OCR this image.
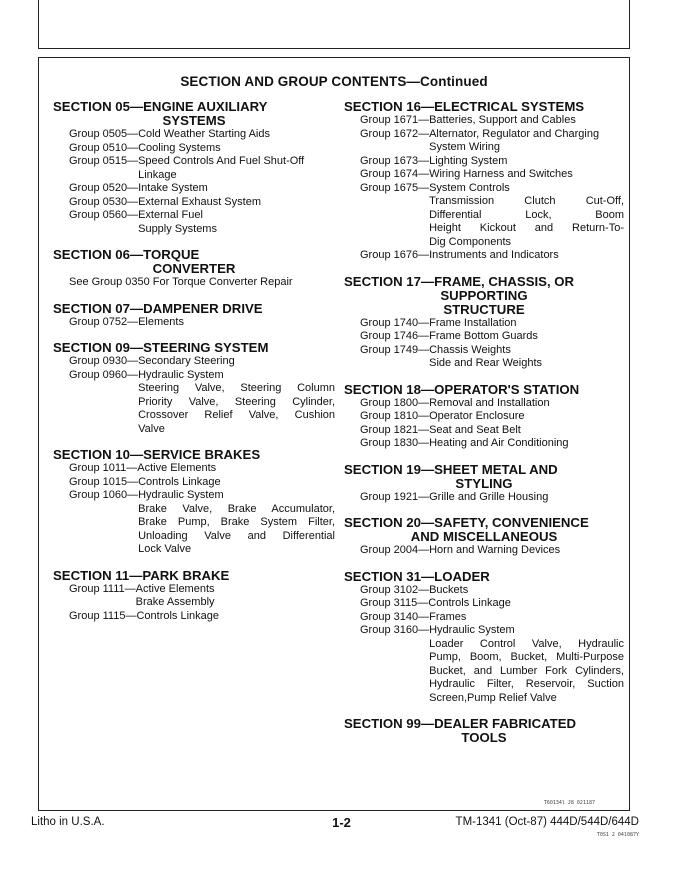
SECTION AND GROUP CONTENTS—Continued
SECTION 05—ENGINE AUXILIARY
SYSTEMS
Group 0505—Cold Weather Starting Aids
Group 0510—Cooling Systems
Group 0515—Speed Controls And Fuel Shut-Off
Linkage
Group 0520—Intake System
Group 0530—External Exhaust System
Group 0560—External Fuel
Supply Systems
SECTION 06—TORQUE
CONVERTER
See Group 0350 For Torque Converter Repair
SECTION 07—DAMPENER DRIVE
Group 0752—Elements
SECTION 09—STEERING SYSTEM
Group 0930—Secondary Steering
Group 0960—Hydraulic System
Steering Valve, Steering Column
Priority Valve, Steering Cylinder,
Crossover Relief Valve, Cushion
Valve
SECTION 10—SERVICE BRAKES
Group 1011—Active Elements
Group 1015—Controls Linkage
Group 1060—Hydraulic System
Brake Valve, Brake Accumulator,
Brake Pump, Brake System Filter,
Unloading Valve and Differential
Lock Valve
SECTION 11—PARK BRAKE
Group 1111—Active Elements
Brake Assembly
Group 1115—Controls Linkage
SECTION 16—ELECTRICAL SYSTEMS
Group 1671—Batteries, Support and Cables
Group 1672—Alternator, Regulator and Charging
System Wiring
Group 1673—Lighting System
Group 1674—Wiring Harness and Switches
Group 1675—System Controls
Transmission Clutch Cut-Off,
Differential Lock, Boom
Height Kickout and Return-To-
Dig Components
Group 1676—Instruments and Indicators
SECTION 17—FRAME, CHASSIS, OR
SUPPORTING
STRUCTURE
Group 1740—Frame Installation
Group 1746—Frame Bottom Guards
Group 1749—Chassis Weights
Side and Rear Weights
SECTION 18—OPERATOR'S STATION
Group 1800—Removal and Installation
Group 1810—Operator Enclosure
Group 1821—Seat and Seat Belt
Group 1830—Heating and Air Conditioning
SECTION 19—SHEET METAL AND
STYLING
Group 1921—Grille and Grille Housing
SECTION 20—SAFETY, CONVENIENCE
AND MISCELLANEOUS
Group 2004—Horn and Warning Devices
SECTION 31—LOADER
Group 3102—Buckets
Group 3115—Controls Linkage
Group 3140—Frames
Group 3160—Hydraulic System
Loader Control Valve, Hydraulic
Pump, Boom, Bucket, Multi-Purpose
Bucket, and Lumber Fork Cylinders,
Hydraulic Filter, Reservoir, Suction
Screen,Pump Relief Valve
SECTION 99—DEALER FABRICATED
TOOLS
T60134l J8 021187
Litho in U.S.A.	1-2	TM-1341 (Oct-87) 444D/544D/644D
T0S1 2 041087Y
